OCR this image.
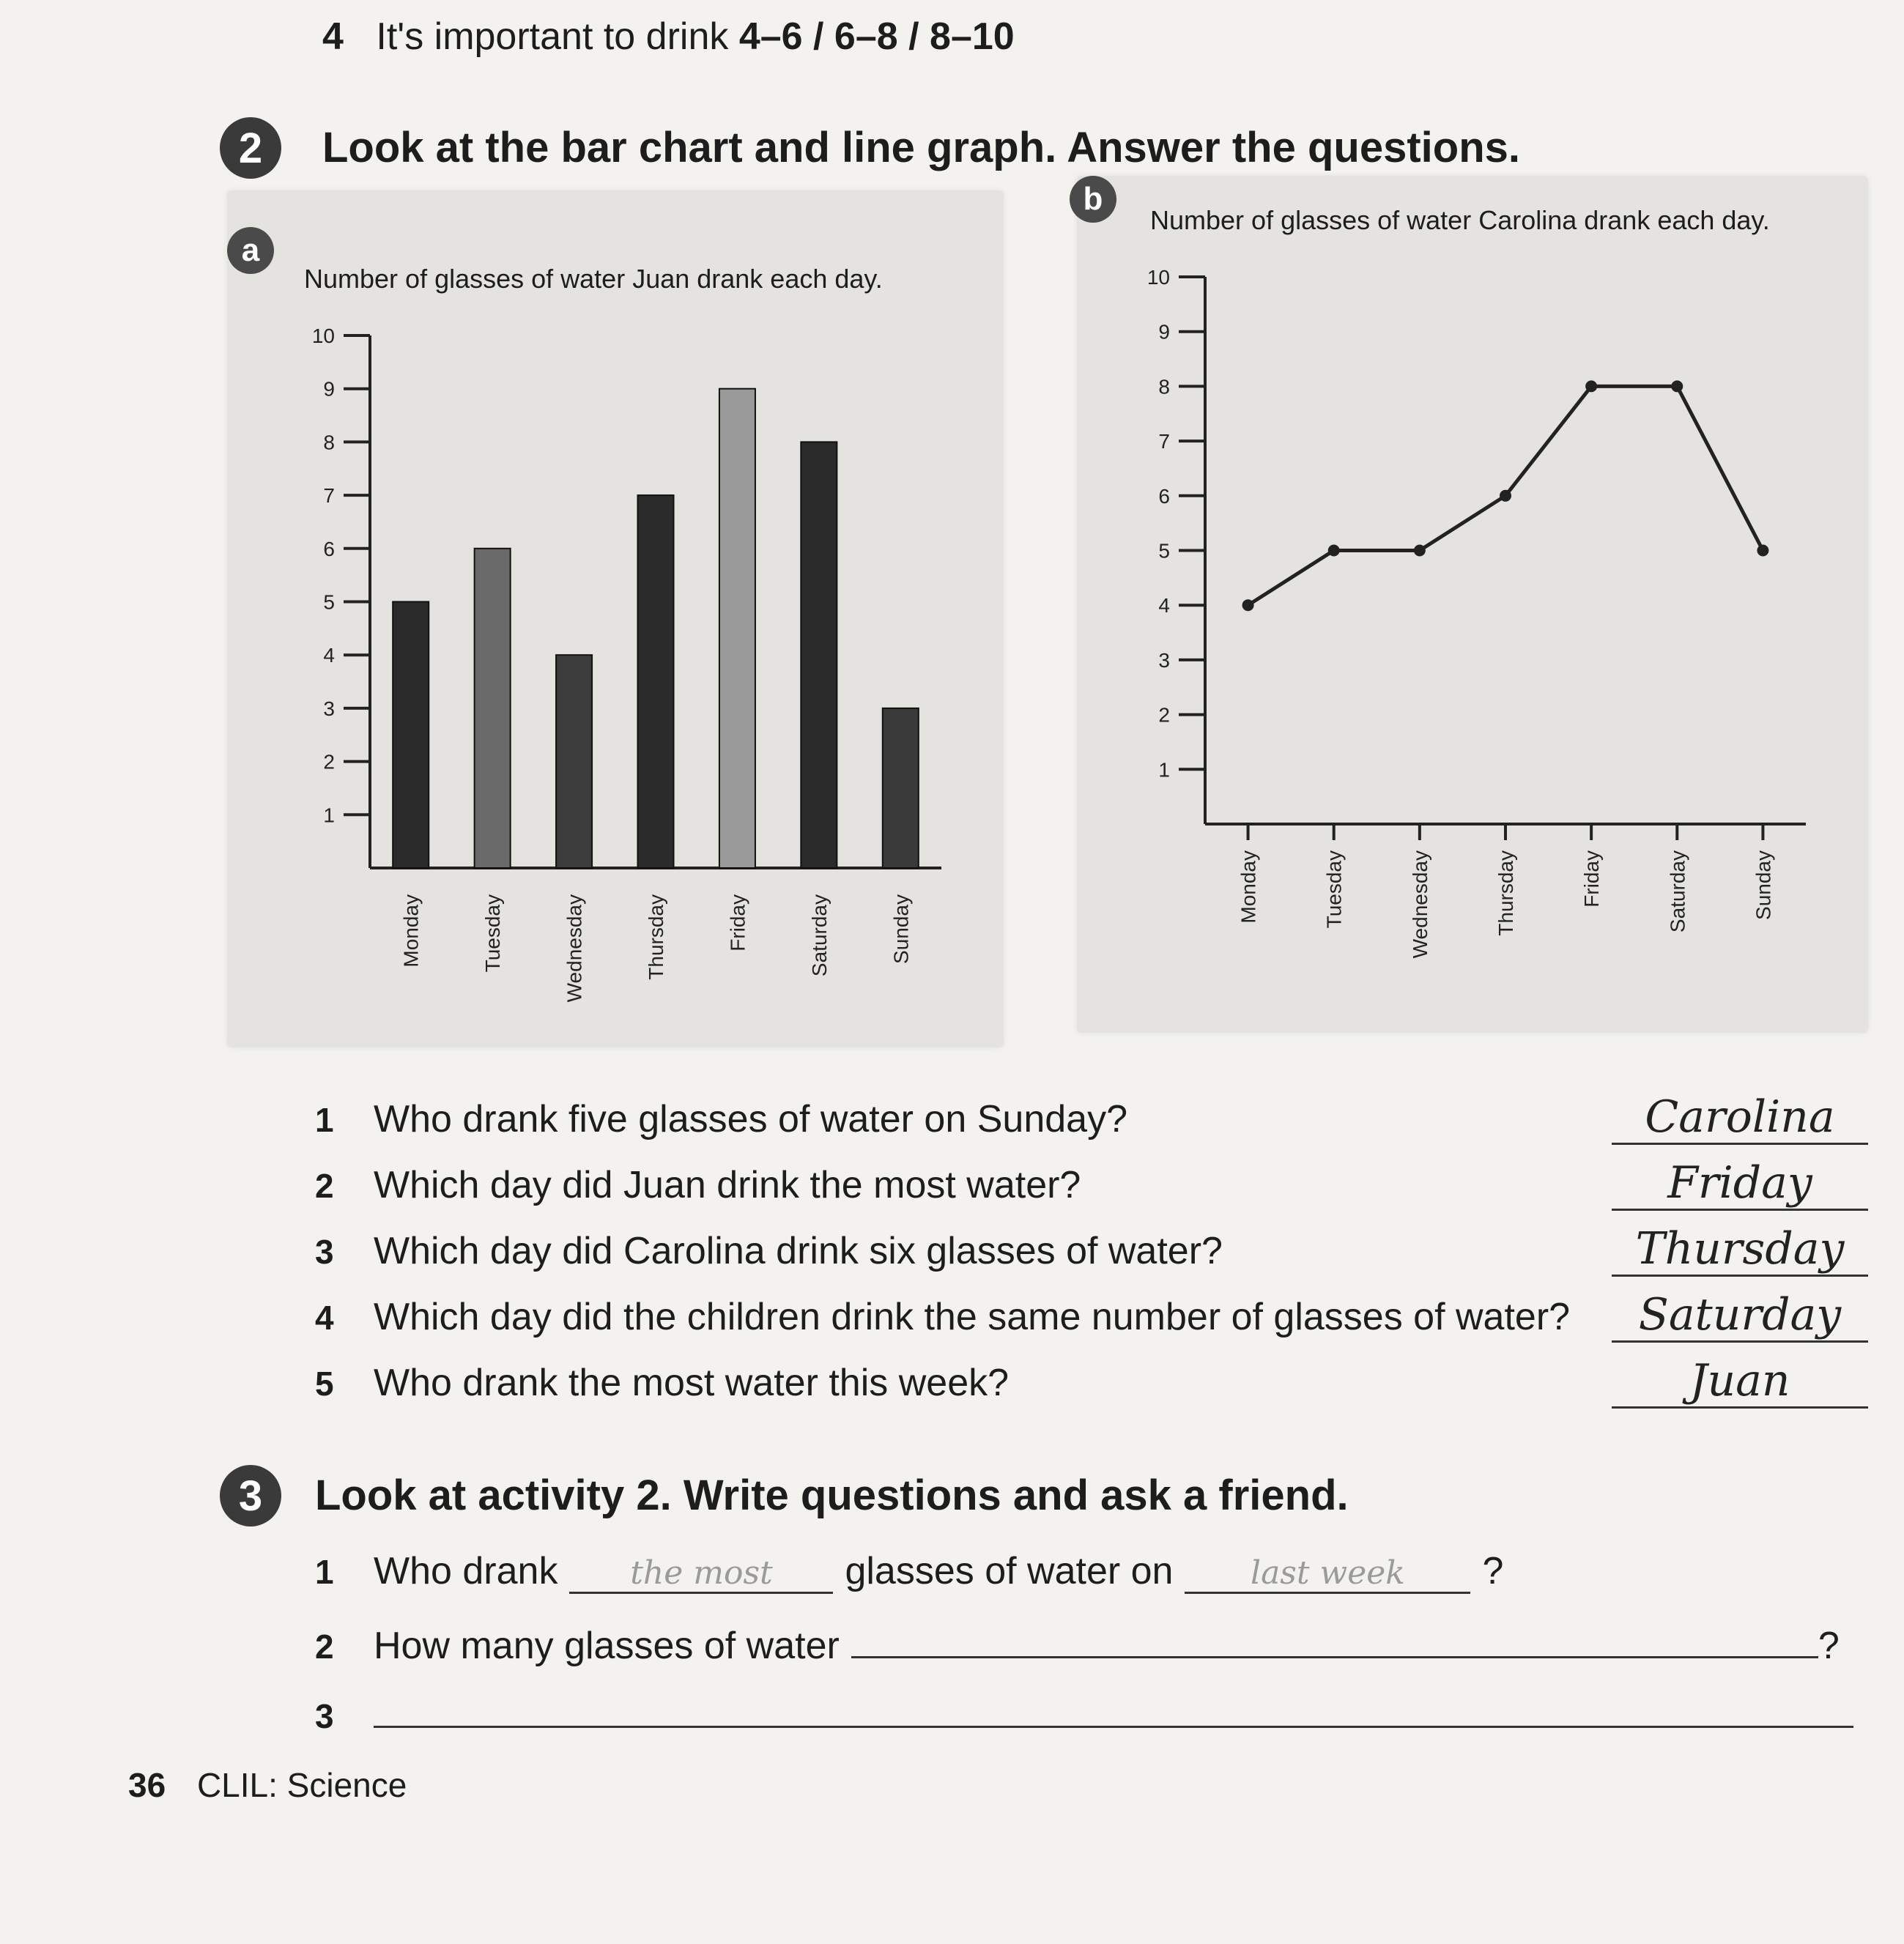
4 It's important to drink 4–6 / 6–8 / 8–10
2	Look at the bar chart and line graph. Answer the questions.
a
Number of glasses of water Juan drank each day.
1
2
3
4
5
6
7
8
9
10
Monday	Tuesday	Wednesday	Thursday	Friday	Saturday	Sunday
b
Number of glasses of water Carolina drank each day.
1
2
3
4
5
6
7
8
9
10
Monday	Tuesday	Wednesday	Thursday	Friday	Saturday	Sunday
1	Who drank five glasses of water on Sunday?	Carolina
2	Which day did Juan drink the most water?	Friday
3	Which day did Carolina drink six glasses of water?	Thursday
4	Which day did the children drink the same number of glasses of water?	Saturday
5	Who drank the most water this week?	Juan
3	Look at activity 2. Write questions and ask a friend.
1	Who drank	the most	glasses of water on	last week	?
2	How many glasses of water	?
3
36 CLIL: Science
